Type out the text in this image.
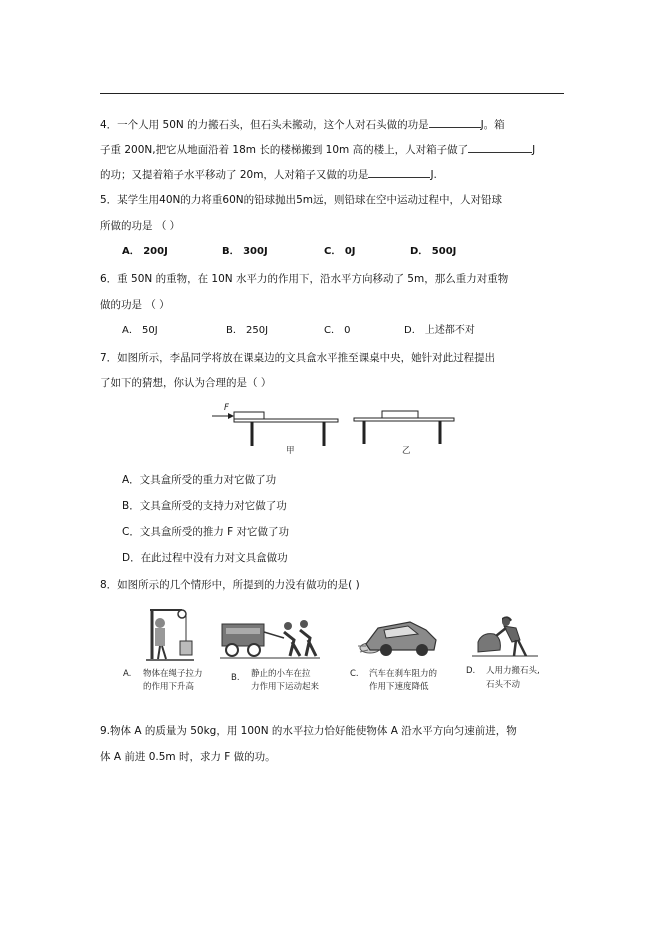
4．一个人用 50N 的力搬石头，但石头未搬动，这个人对石头做的功是	J。箱
子重 200N,把它从地面沿着 18m 长的楼梯搬到 10m 高的楼上，人对箱子做了	J
的功；又提着箱子水平移动了 20m，人对箱子又做的功是	J.
5．某学生用40N的力将重60N的铅球抛出5m远，则铅球在空中运动过程中，人对铅球
所做的功是 （ ）
A． 200J	B． 300J	C． 0J	D． 500J
6．重 50N 的重物，在 10N 水平力的作用下，沿水平方向移动了 5m，那么重力对重物
做的功是 （ ）
A． 50J	B． 250J	C． 0	D． 上述都不对
7．如图所示，李晶同学将放在课桌边的文具盒水平推至课桌中央，她针对此过程提出
了如下的猜想，你认为合理的是（ ）
F
甲	乙
A．文具盒所受的重力对它做了功
B．文具盒所受的支持力对它做了功
C．文具盒所受的推力 F 对它做了功
D．在此过程中没有力对文具盒做功
8．如图所示的几个情形中，所提到的力没有做功的是( )
A. 物体在绳子拉力
的作用下升高
B. 静止的小车在拉
力作用下运动起来
C. 汽车在刹车阻力的
作用下速度降低
D. 人用力搬石头,
石头不动
9.物体 A 的质量为 50kg，用 100N 的水平拉力恰好能使物体 A 沿水平方向匀速前进，物
体 A 前进 0.5m 时，求力 F 做的功。
